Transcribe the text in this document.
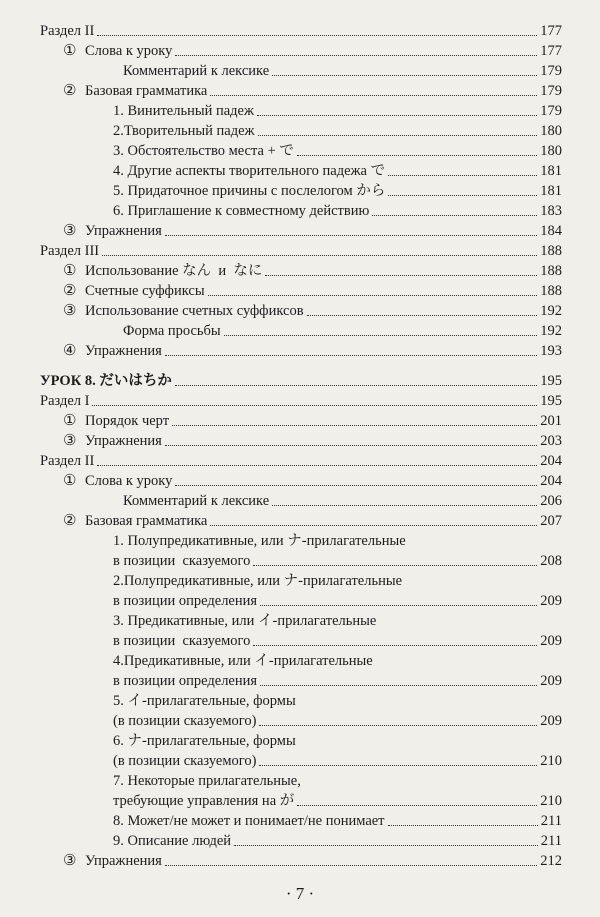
Раздел II	177
① Слова к уроку	177
Комментарий к лексике	179
② Базовая грамматика	179
1. Винительный падеж	179
2.Творительный падеж	180
3. Обстоятельство места + で	180
4. Другие аспекты творительного падежа で	181
5. Придаточное причины с послелогом から	181
6. Приглашение к совместному действию	183
③ Упражнения	184
Раздел III	188
① Использование なん  и  なに	188
② Счетные суффиксы	188
③ Использование счетных суффиксов	192
Форма просьбы	192
④ Упражнения	193
УРОК 8. だいはちか	195
Раздел I	195
① Порядок черт	201
③ Упражнения	203
Раздел II	204
① Слова к уроку	204
Комментарий к лексике	206
② Базовая грамматика	207
1. Полупредикативные, или ナ-прилагательные
в позиции  сказуемого	208
2.Полупредикативные, или ナ-прилагательные
в позиции определения	209
3. Предикативные, или イ-прилагательные
в позиции  сказуемого	209
4.Предикативные, или イ-прилагательные
в позиции определения	209
5. イ-прилагательные, формы
(в позиции сказуемого)	209
6. ナ-прилагательные, формы
(в позиции сказуемого)	210
7. Некоторые прилагательные,
требующие управления на が	210
8. Может/не может и понимает/не понимает	211
9. Описание людей	211
③ Упражнения	212
· 7 ·
